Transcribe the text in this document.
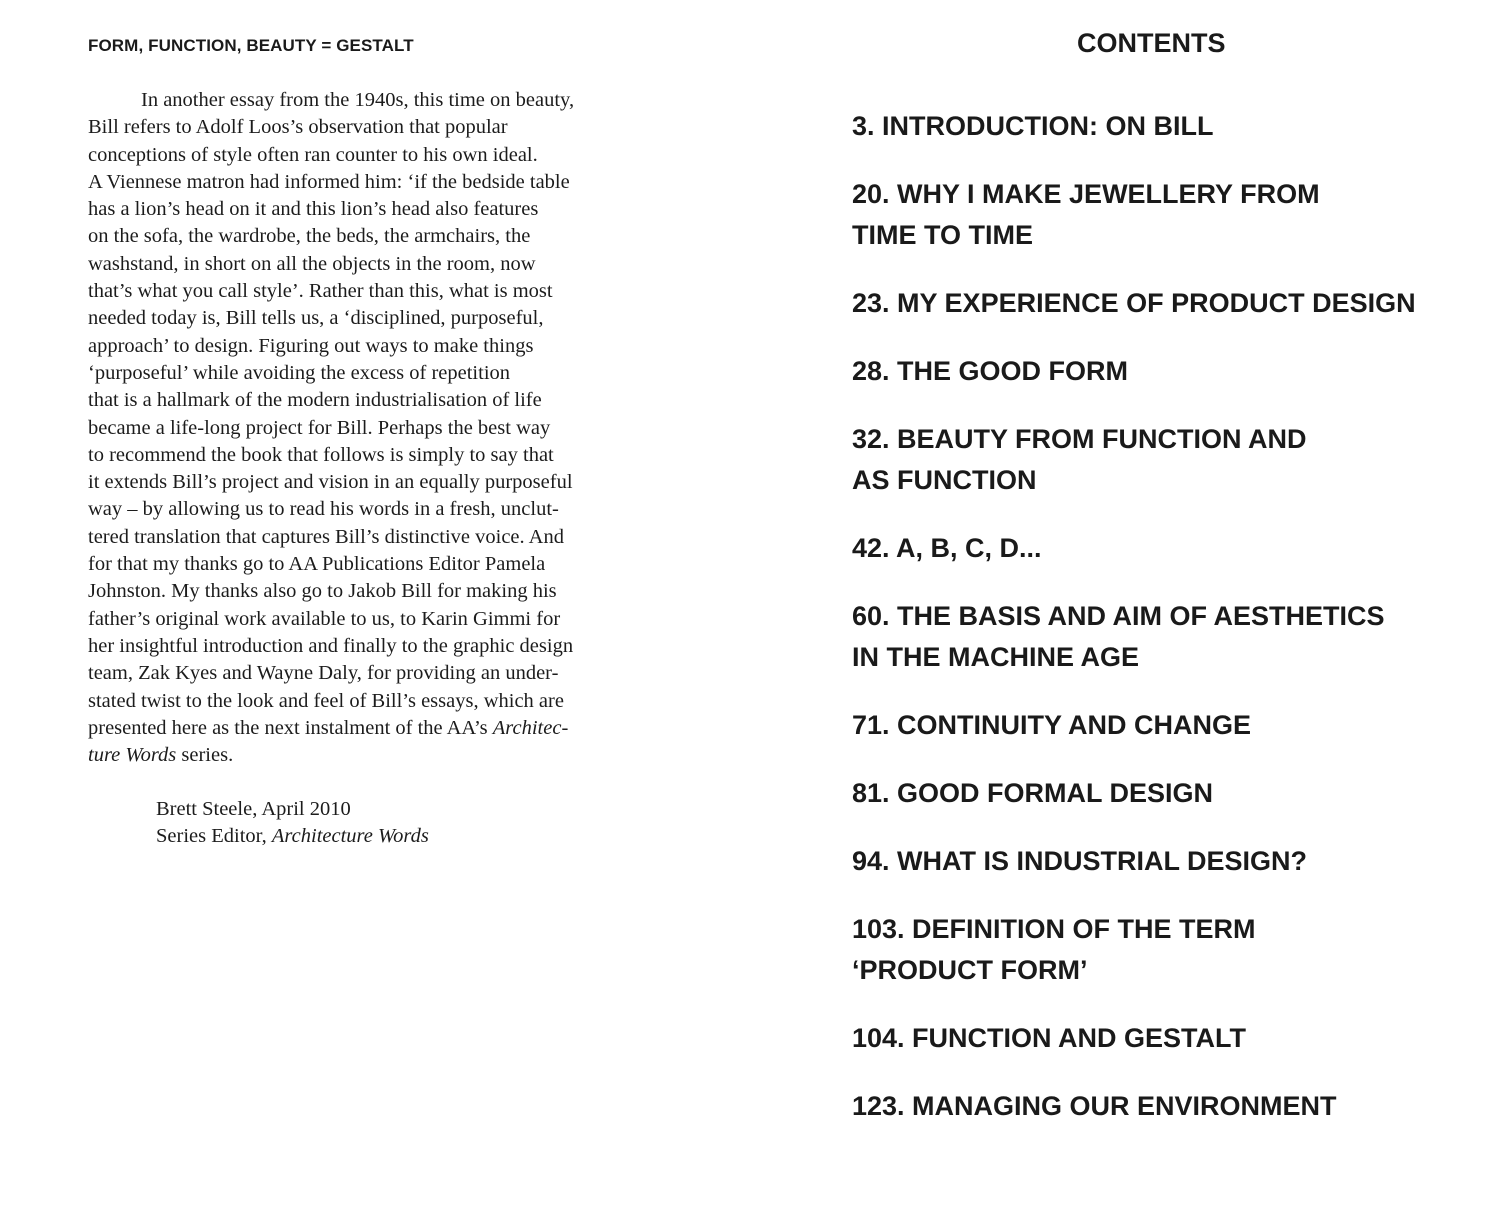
FORM, FUNCTION, BEAUTY = GESTALT
In another essay from the 1940s, this time on beauty,
Bill refers to Adolf Loos’s observation that popular
conceptions of style often ran counter to his own ideal.
A Viennese matron had informed him: ‘if the bedside table
has a lion’s head on it and this lion’s head also features
on the sofa, the wardrobe, the beds, the armchairs, the
washstand, in short on all the objects in the room, now
that’s what you call style’. Rather than this, what is most
needed today is, Bill tells us, a ‘disciplined, purposeful,
approach’ to design. Figuring out ways to make things
‘purposeful’ while avoiding the excess of repetition
that is a hallmark of the modern industrialisation of life
became a life-long project for Bill. Perhaps the best way
to recommend the book that follows is simply to say that
it extends Bill’s project and vision in an equally purposeful
way – by allowing us to read his words in a fresh, unclut-
tered translation that captures Bill’s distinctive voice. And
for that my thanks go to AA Publications Editor Pamela
Johnston. My thanks also go to Jakob Bill for making his
father’s original work available to us, to Karin Gimmi for
her insightful introduction and finally to the graphic design
team, Zak Kyes and Wayne Daly, for providing an under-
stated twist to the look and feel of Bill’s essays, which are
presented here as the next instalment of the AA’s Architec-
ture Words series.
Brett Steele, April 2010
Series Editor, Architecture Words
CONTENTS
3. INTRODUCTION: ON BILL
20. WHY I MAKE JEWELLERY FROM
TIME TO TIME
23. MY EXPERIENCE OF PRODUCT DESIGN
28. THE GOOD FORM
32. BEAUTY FROM FUNCTION AND
AS FUNCTION
42. A, B, C, D...
60. THE BASIS AND AIM OF AESTHETICS
IN THE MACHINE AGE
71. CONTINUITY AND CHANGE
81. GOOD FORMAL DESIGN
94. WHAT IS INDUSTRIAL DESIGN?
103. DEFINITION OF THE TERM
‘PRODUCT FORM’
104. FUNCTION AND GESTALT
123. MANAGING OUR ENVIRONMENT
